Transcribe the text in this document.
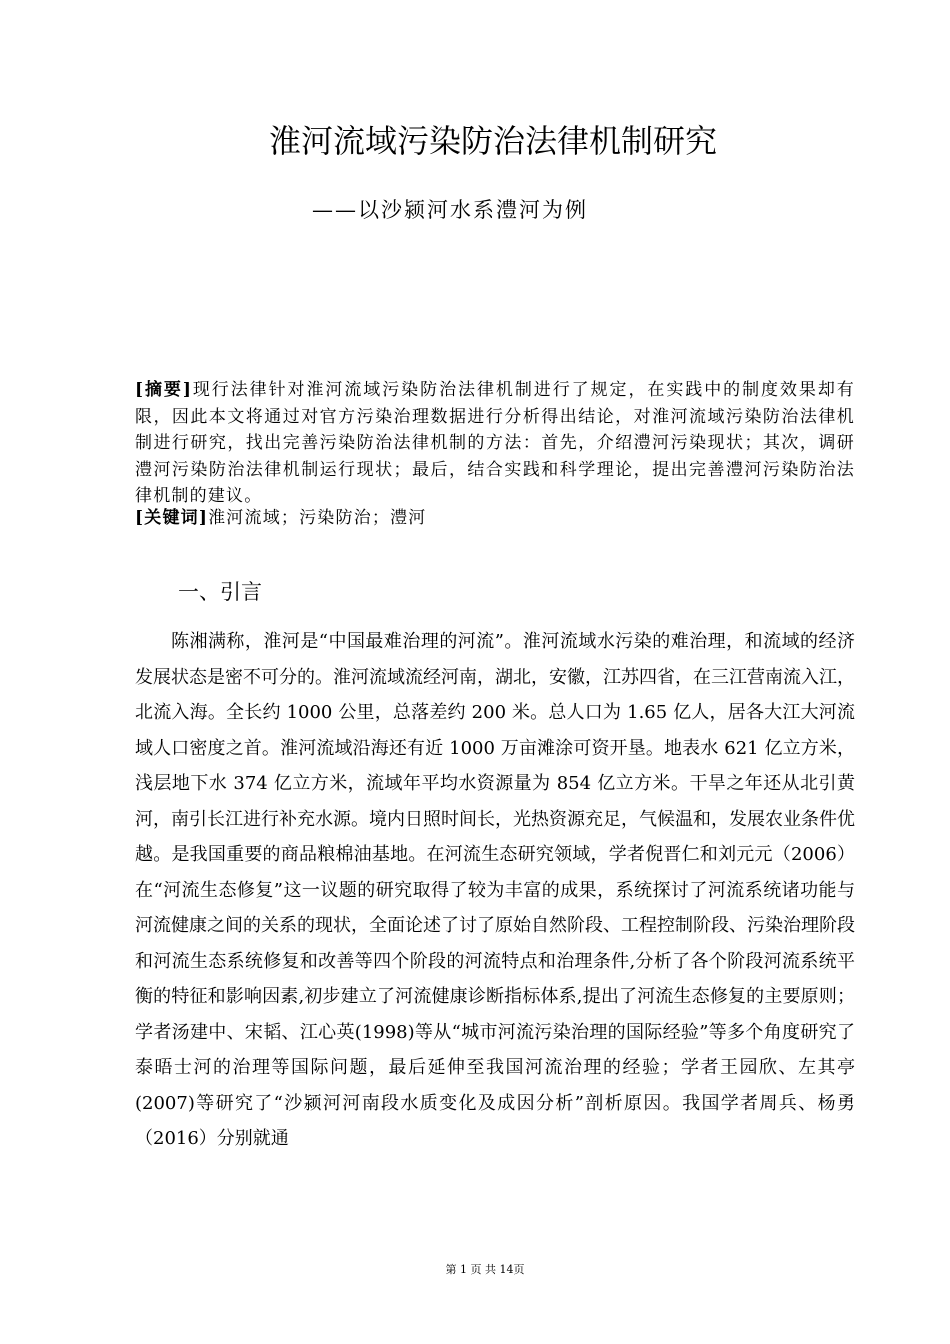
淮河流域污染防治法律机制研究

——以沙颍河水系澧河为例

[摘要]现行法律针对淮河流域污染防治法律机制进行了规定，在实践中的制度效果却有限，因此本文将通过对官方污染治理数据进行分析得出结论，对淮河流域污染防治法律机制进行研究，找出完善污染防治法律机制的方法：首先，介绍澧河污染现状；其次，调研澧河污染防治法律机制运行现状；最后，结合实践和科学理论，提出完善澧河污染防治法律机制的建议。

[关键词]淮河流域；污染防治；澧河

一、引言

陈湘满称，淮河是“中国最难治理的河流”。淮河流域水污染的难治理，和流域的经济发展状态是密不可分的。淮河流域流经河南，湖北，安徽，江苏四省，在三江营南流入江，北流入海。全长约 1000 公里，总落差约 200 米。总人口为 1.65 亿人，居各大江大河流域人口密度之首。淮河流域沿海还有近 1000 万亩滩涂可资开垦。地表水 621 亿立方米，浅层地下水 374 亿立方米，流域年平均水资源量为 854 亿立方米。干旱之年还从北引黄河，南引长江进行补充水源。境内日照时间长，光热资源充足，气候温和，发展农业条件优越。是我国重要的商品粮棉油基地。在河流生态研究领域，学者倪晋仁和刘元元（2006）在“河流生态修复”这一议题的研究取得了较为丰富的成果，系统探讨了河流系统诸功能与河流健康之间的关系的现状，全面论述了讨了原始自然阶段、工程控制阶段、污染治理阶段和河流生态系统修复和改善等四个阶段的河流特点和治理条件,分析了各个阶段河流系统平衡的特征和影响因素,初步建立了河流健康诊断指标体系,提出了河流生态修复的主要原则；学者汤建中、宋韬、江心英(1998)等从“城市河流污染治理的国际经验”等多个角度研究了泰晤士河的治理等国际问题，最后延伸至我国河流治理的经验；学者王园欣、左其亭(2007)等研究了“沙颍河河南段水质变化及成因分析”剖析原因。我国学者周兵、杨勇（2016）分别就通

第 1 页 共 14页
